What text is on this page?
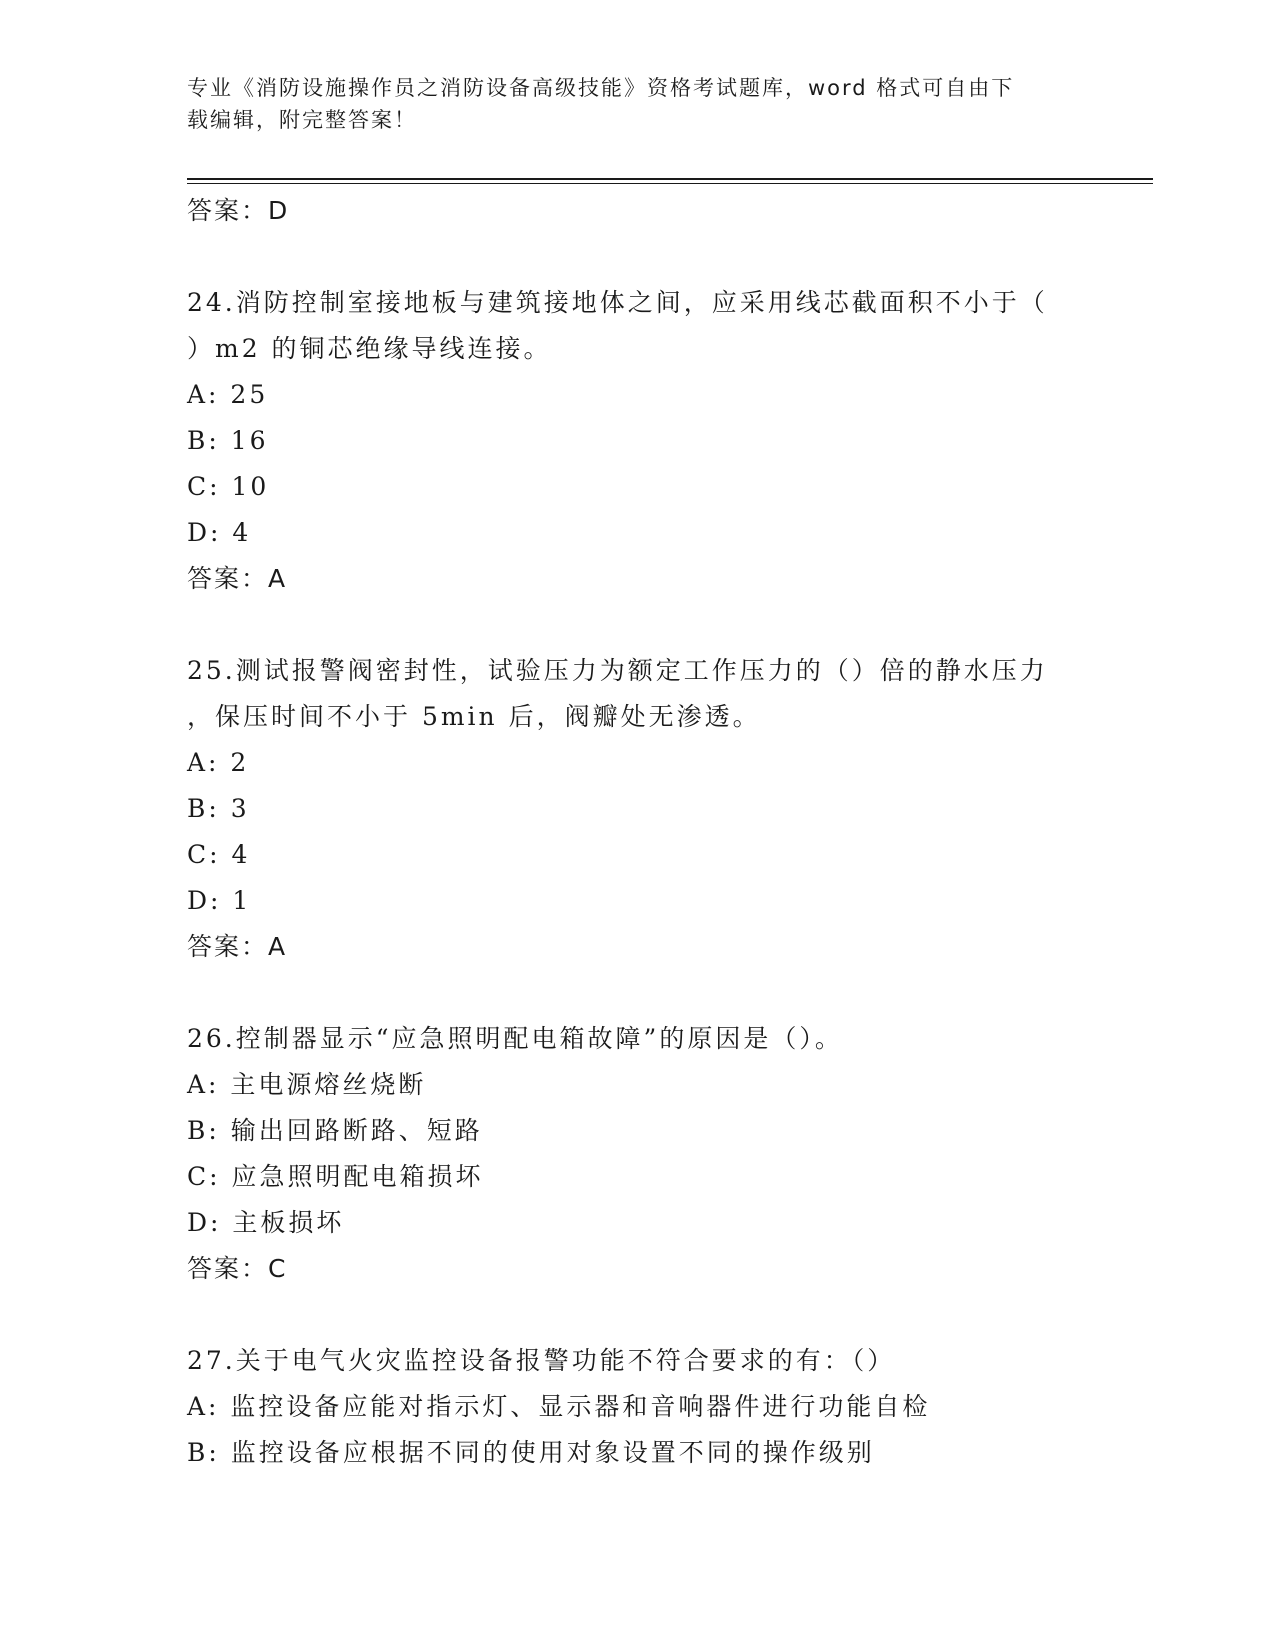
专业《消防设施操作员之消防设备高级技能》资格考试题库，word 格式可自由下
载编辑，附完整答案！
答案：D
24.消防控制室接地板与建筑接地体之间，应采用线芯截面积不小于（
）m2 的铜芯绝缘导线连接。
A: 25
B: 16
C: 10
D: 4
答案：A
25.测试报警阀密封性，试验压力为额定工作压力的（）倍的静水压力
，保压时间不小于 5min 后，阀瓣处无渗透。
A: 2
B: 3
C: 4
D: 1
答案：A
26.控制器显示“应急照明配电箱故障”的原因是（）。
A: 主电源熔丝烧断
B: 输出回路断路、短路
C: 应急照明配电箱损坏
D: 主板损坏
答案：C
27.关于电气火灾监控设备报警功能不符合要求的有：（）
A: 监控设备应能对指示灯、显示器和音响器件进行功能自检
B: 监控设备应根据不同的使用对象设置不同的操作级别
